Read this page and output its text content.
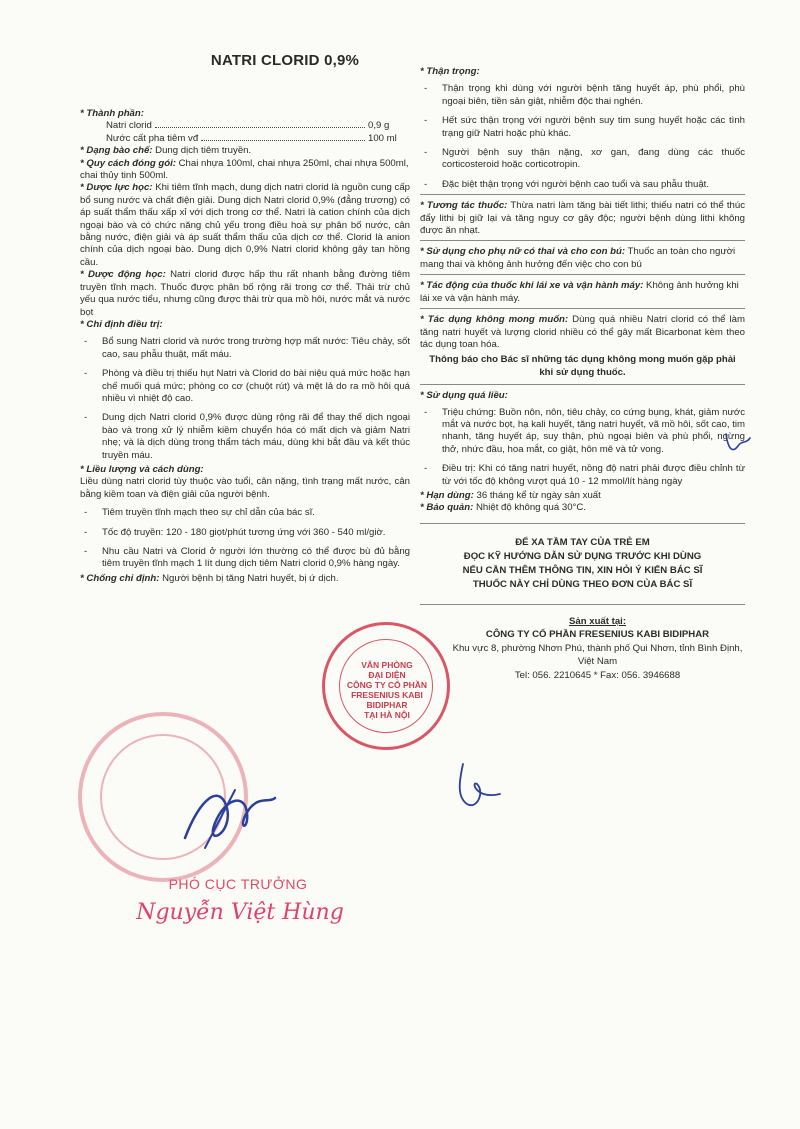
NATRI CLORID 0,9%

* Thành phần:

Natri clorid	0,9 g
Nước cất pha tiêm vđ	100 ml

* Dạng bào chế: Dung dịch tiêm truyền.

* Quy cách đóng gói: Chai nhựa 100ml, chai nhựa 250ml, chai nhựa 500ml, chai thủy tinh 500ml.

* Dược lực học: Khi tiêm tĩnh mạch, dung dịch natri clorid là nguồn cung cấp bổ sung nước và chất điện giải. Dung dịch Natri clorid 0,9% (đẳng trương) có áp suất thẩm thấu xấp xỉ với dịch trong cơ thể. Natri là cation chính của dịch ngoại bào và có chức năng chủ yếu trong điều hoà sự phân bố nước, cân bằng nước, điện giải và áp suất thẩm thấu của dịch cơ thể. Clorid là anion chính của dịch ngoại bào. Dung dịch 0,9% Natri clorid không gây tan hồng cầu.

* Dược động học: Natri clorid được hấp thu rất nhanh bằng đường tiêm truyền tĩnh mạch. Thuốc được phân bố rộng rãi trong cơ thể. Thải trừ chủ yếu qua nước tiểu, nhưng cũng được thải trừ qua mồ hôi, nước mắt và nước bọt

* Chỉ định điều trị:

-	Bổ sung Natri clorid và nước trong trường hợp mất nước: Tiêu chảy, sốt cao, sau phẫu thuật, mất máu.
-	Phòng và điều trị thiếu hụt Natri và Clorid do bài niệu quá mức hoặc hạn chế muối quá mức; phòng co cơ (chuột rút) và mệt lả do ra mồ hôi quá nhiều vì nhiệt độ cao.
-	Dung dịch Natri clorid 0,9% được dùng rộng rãi để thay thế dịch ngoại bào và trong xử lý nhiễm kiềm chuyển hóa có mất dịch và giảm Natri nhẹ; và là dịch dùng trong thẩm tách máu, dùng khi bắt đầu và kết thúc truyền máu.

* Liều lượng và cách dùng:

Liều dùng natri clorid tùy thuộc vào tuổi, cân nặng, tình trạng mất nước, cân bằng kiềm toan và điện giải của người bệnh.

-	Tiêm truyền tĩnh mạch theo sự chỉ dẫn của bác sĩ.
-	Tốc độ truyền: 120 - 180 giọt/phút tương ứng với 360 - 540 ml/giờ.
-	Nhu cầu Natri và Clorid ở người lớn thường có thể được bù đủ bằng tiêm truyền tĩnh mạch 1 lít dung dịch tiêm Natri clorid 0,9% hàng ngày.

* Chống chỉ định: Người bệnh bị tăng Natri huyết, bị ứ dịch.

* Thận trọng:

-	Thận trọng khi dùng với người bệnh tăng huyết áp, phù phổi, phù ngoại biên, tiền sản giật, nhiễm độc thai nghén.
-	Hết sức thận trọng với người bệnh suy tim sung huyết hoặc các tình trạng giữ Natri hoặc phù khác.
-	Người bệnh suy thận nặng, xơ gan, đang dùng các thuốc corticosteroid hoặc corticotropin.
-	Đặc biệt thận trọng với người bệnh cao tuổi và sau phẫu thuật.

* Tương tác thuốc: Thừa natri làm tăng bài tiết lithi; thiếu natri có thể thúc đẩy lithi bị giữ lại và tăng nguy cơ gây độc; người bệnh dùng lithi không được ăn nhạt.

* Sử dụng cho phụ nữ có thai và cho con bú: Thuốc an toàn cho người mang thai và không ảnh hưởng đến việc cho con bú

* Tác động của thuốc khi lái xe và vận hành máy: Không ảnh hưởng khi lái xe và vận hành máy.

* Tác dụng không mong muốn: Dùng quá nhiều Natri clorid có thể làm tăng natri huyết và lượng clorid nhiều có thể gây mất Bicarbonat kèm theo tác dụng toan hóa.

Thông báo cho Bác sĩ những tác dụng không mong muốn gặp phải khi sử dụng thuốc.

* Sử dụng quá liều:

-	Triệu chứng: Buồn nôn, nôn, tiêu chảy, co cứng bụng, khát, giảm nước mắt và nước bọt, hạ kali huyết, tăng natri huyết, vã mồ hôi, sốt cao, tim nhanh, tăng huyết áp, suy thận, phù ngoại biên và phù phổi, ngừng thở, nhức đầu, hoa mắt, co giật, hôn mê và tử vong.
-	Điều trị: Khi có tăng natri huyết, nồng độ natri phải được điều chỉnh từ từ với tốc độ không vượt quá 10 - 12 mmol/lít hàng ngày

* Hạn dùng: 36 tháng kể từ ngày sản xuất

* Bảo quản: Nhiệt độ không quá 30°C.

ĐỂ XA TẦM TAY CỦA TRẺ EM
ĐỌC KỸ HƯỚNG DẪN SỬ DỤNG TRƯỚC KHI DÙNG
NẾU CẦN THÊM THÔNG TIN, XIN HỎI Ý KIẾN BÁC SĨ
THUỐC NÀY CHỈ DÙNG THEO ĐƠN CỦA BÁC SĨ
Sản xuất tại:
CÔNG TY CỔ PHẦN FRESENIUS KABI BIDIPHAR
Khu vực 8, phường Nhơn Phú, thành phố Qui Nhơn, tỉnh Bình Định, Việt Nam
Tel: 056. 2210645 * Fax: 056. 3946688
VĂN PHÒNG
ĐẠI DIỆN
CÔNG TY CỔ PHẦN
FRESENIUS KABI
BIDIPHAR
TẠI HÀ NỘI
PHÓ CỤC TRƯỞNG
Nguyễn Việt Hùng
